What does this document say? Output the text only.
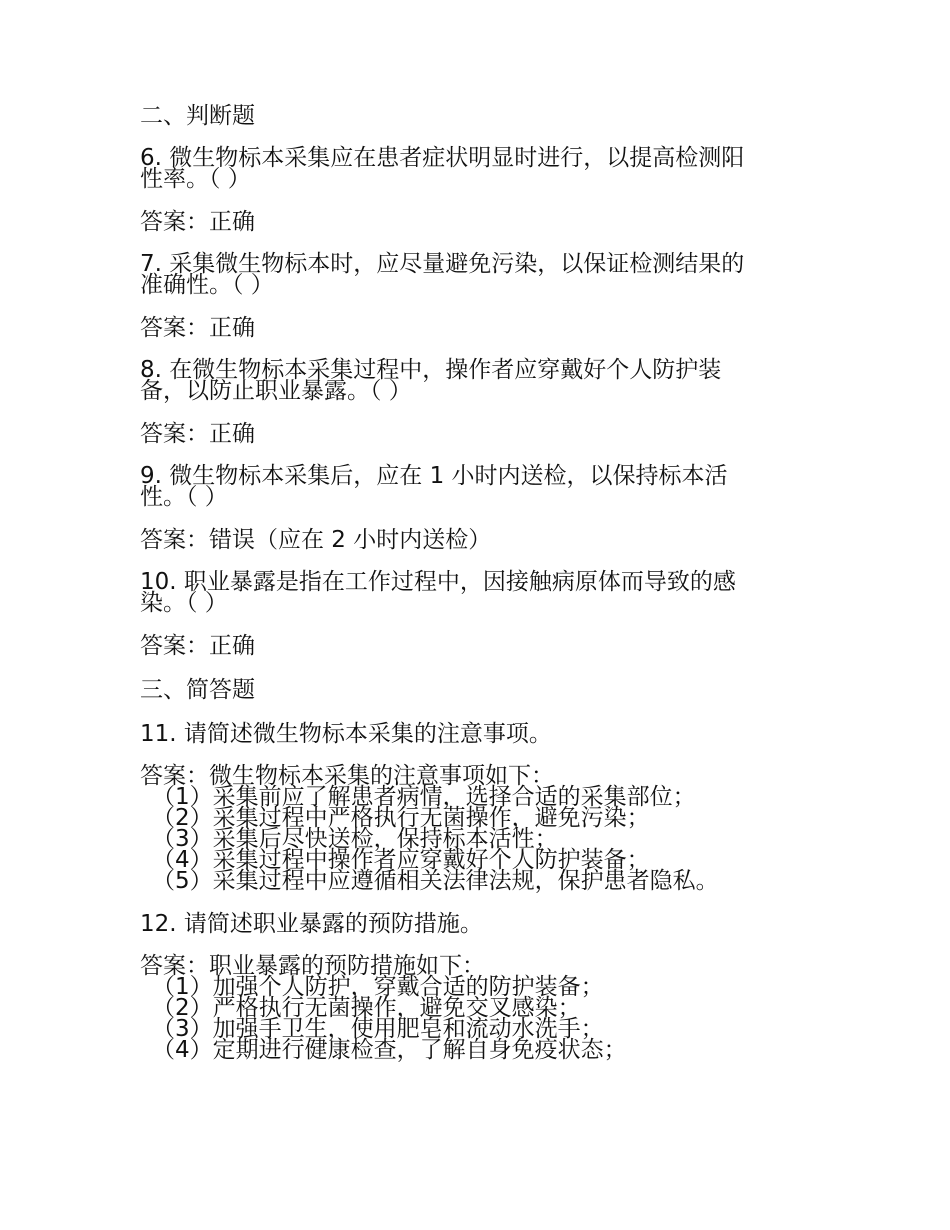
二、判断题

6. 微生物标本采集应在患者症状明显时进行，以提高检测阳
性率。（ ）

答案：正确

7. 采集微生物标本时，应尽量避免污染，以保证检测结果的
准确性。（ ）

答案：正确

8. 在微生物标本采集过程中，操作者应穿戴好个人防护装
备，以防止职业暴露。（ ）

答案：正确

9. 微生物标本采集后，应在 1 小时内送检，以保持标本活
性。（ ）

答案：错误（应在 2 小时内送检）

10. 职业暴露是指在工作过程中，因接触病原体而导致的感
染。（ ）

答案：正确

三、简答题

11. 请简述微生物标本采集的注意事项。

答案：微生物标本采集的注意事项如下：
（1）采集前应了解患者病情，选择合适的采集部位；
（2）采集过程中严格执行无菌操作，避免污染；
（3）采集后尽快送检，保持标本活性；
（4）采集过程中操作者应穿戴好个人防护装备；
（5）采集过程中应遵循相关法律法规，保护患者隐私。

12. 请简述职业暴露的预防措施。

答案：职业暴露的预防措施如下：
（1）加强个人防护，穿戴合适的防护装备；
（2）严格执行无菌操作，避免交叉感染；
（3）加强手卫生，使用肥皂和流动水洗手；
（4）定期进行健康检查，了解自身免疫状态；
